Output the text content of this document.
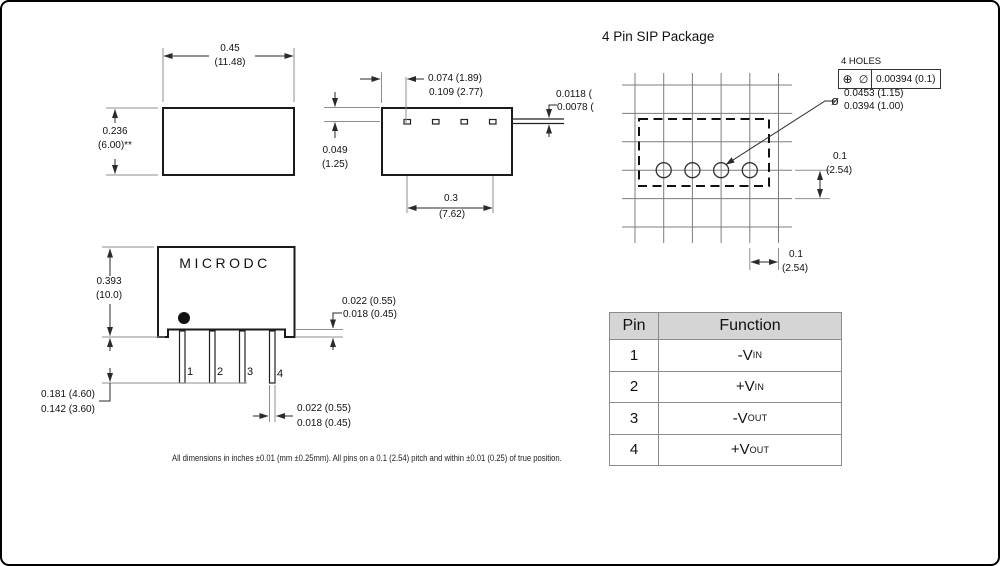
4 Pin SIP Package
0.45
(11.48)
0.236
(6.00)**
0.074 (1.89)
0.109 (2.77)
0.049
(1.25)
0.0118 (
0.0078 (
0.3
(7.62)
MICRODC
0.393
(10.0)
0.181 (4.60)
0.142 (3.60)
0.022 (0.55)
0.018 (0.45)
0.022 (0.55)
0.018 (0.45)
1 2 3 4
4 HOLES
⊕ ∅ 0.00394 (0.1)
ø 0.0453 (1.15)
0.0394 (1.00)
0.1
(2.54)
0.1
(2.54)
Pin	Function
1	-V IN
2	+V IN
3	-V OUT
4	+V OUT
All dimensions in inches ±0.01 (mm ±0.25mm). All pins on a 0.1 (2.54) pitch and within ±0.01 (0.25) of true position.
